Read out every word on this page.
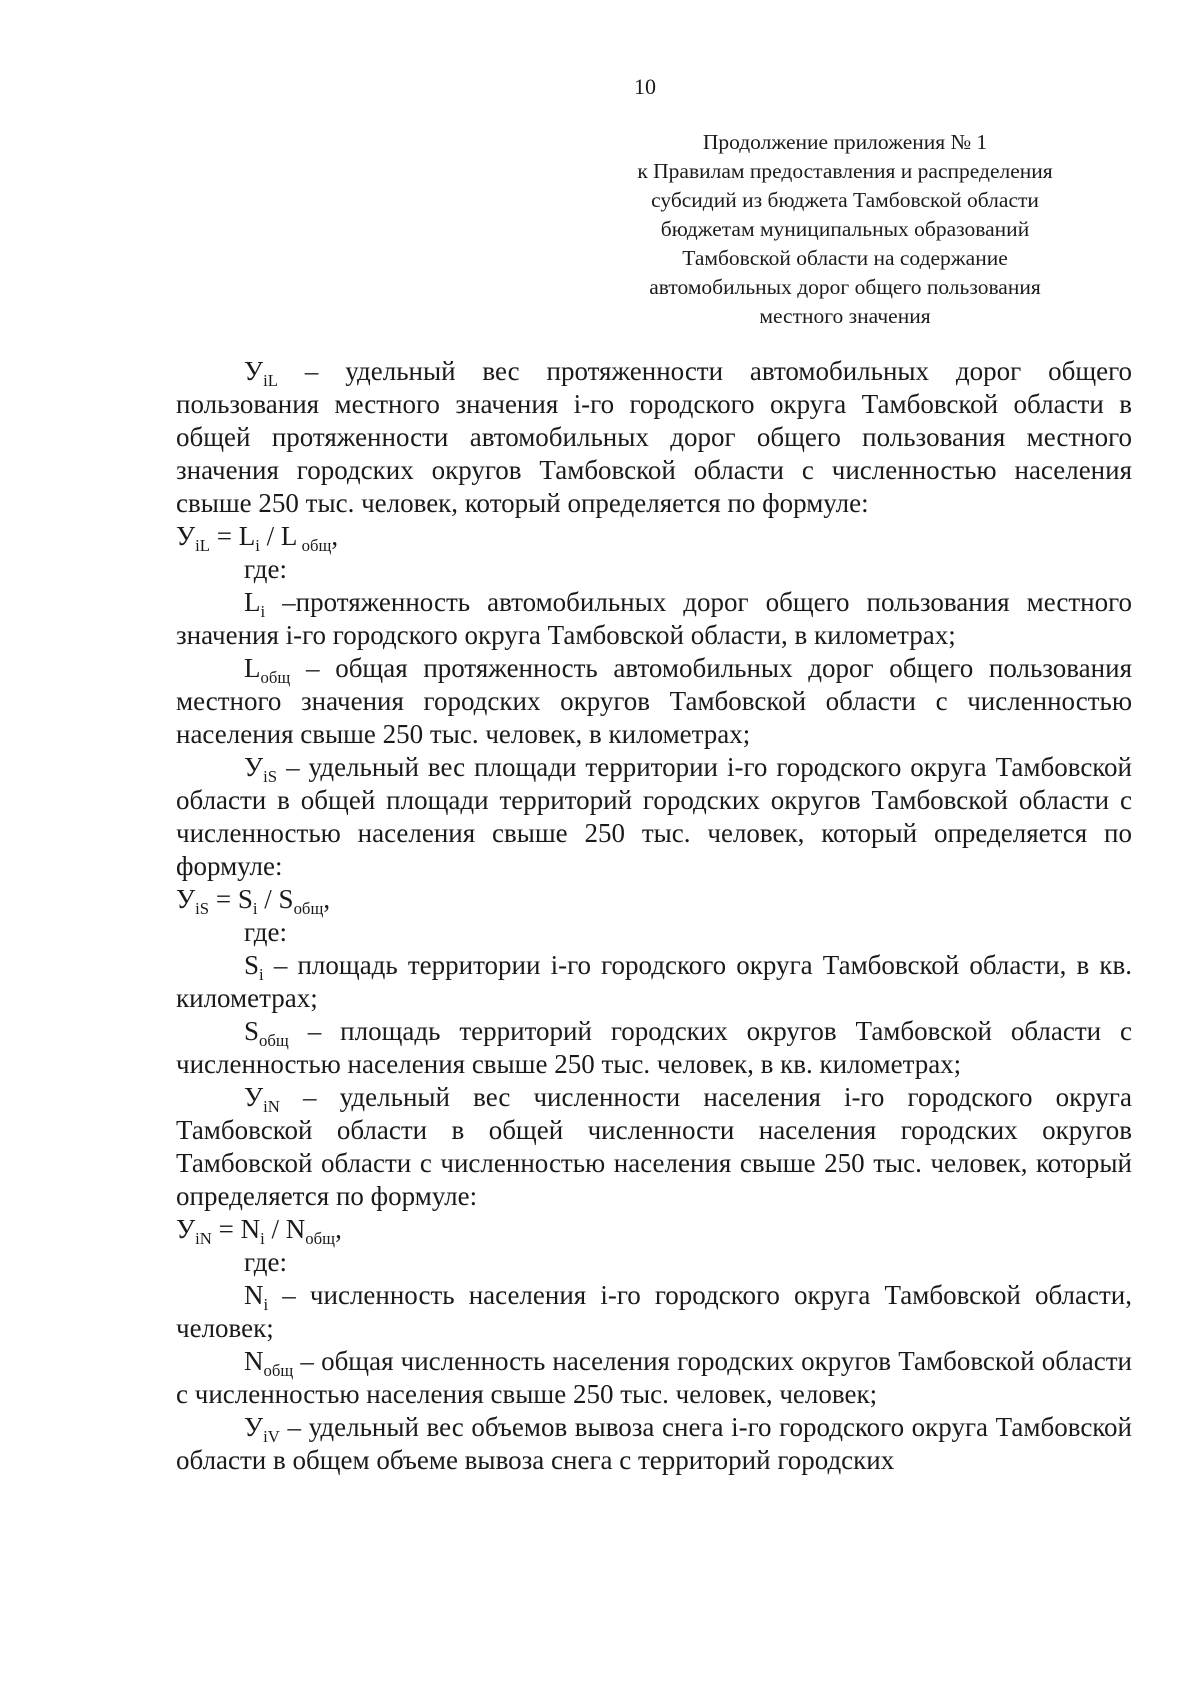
10
Продолжение приложения № 1
к Правилам предоставления и распределения
субсидий из бюджета Тамбовской области
бюджетам муниципальных образований
Тамбовской области на содержание
автомобильных дорог общего пользования
местного значения

$У_{iL}$ – удельный вес протяженности автомобильных дорог общего пользования местного значения i-го городского округа Тамбовской области в общей протяженности автомобильных дорог общего пользования местного значения городских округов Тамбовской области с численностью населения свыше 250 тыс. человек, который определяется по формуле:

$У_{iL} = L_i / L$ $_{общ}$,

где:

$L_i$ –протяженность автомобильных дорог общего пользования местного значения i-го городского округа Тамбовской области, в километрах;

$L_{общ}$ – общая протяженность автомобильных дорог общего пользования местного значения городских округов Тамбовской области с численностью населения свыше 250 тыс. человек, в километрах;

$У_{iS}$ – удельный вес площади территории i-го городского округа Тамбовской области в общей площади территорий городских округов Тамбовской области с численностью населения свыше 250 тыс. человек, который определяется по формуле:

$У_{iS} = S_i / S_{общ}$,

где:

$S_i$ – площадь территории i-го городского округа Тамбовской области, в кв. километрах;

$S_{общ}$ – площадь территорий городских округов Тамбовской области с численностью населения свыше 250 тыс. человек, в кв. километрах;

$У_{iN}$ – удельный вес численности населения i-го городского округа Тамбовской области в общей численности населения городских округов Тамбовской области с численностью населения свыше 250 тыс. человек, который определяется по формуле:

$У_{iN} = N_i / N_{общ}$,

где:

$N_i$ – численность населения i-го городского округа Тамбовской области, человек;

$N_{общ}$ – общая численность населения городских округов Тамбовской области с численностью населения свыше 250 тыс. человек, человек;

$У_{iV}$ – удельный вес объемов вывоза снега i-го городского округа Тамбовской области в общем объеме вывоза снега с территорий городских
